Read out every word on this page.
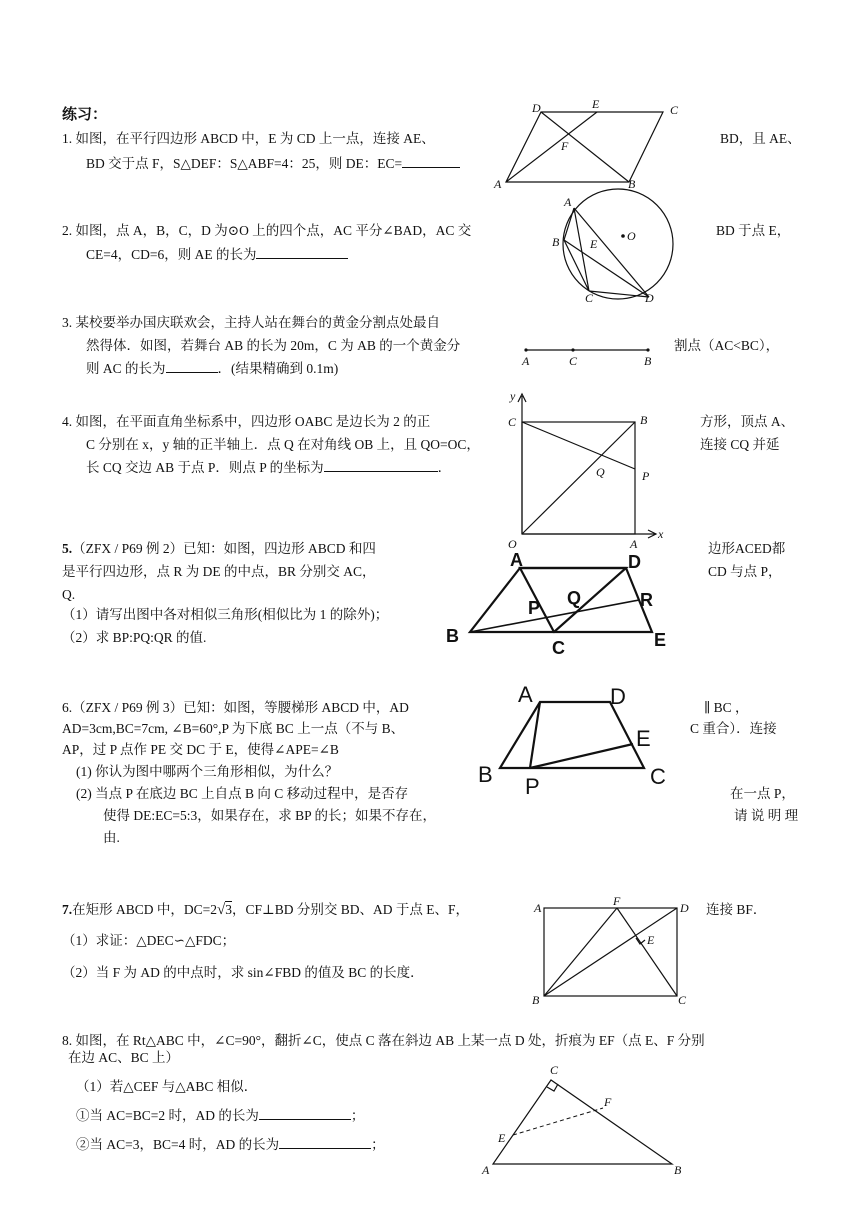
练习：
1. 如图，在平行四边形 ABCD 中，E 为 CD 上一点，连接 AE、	BD，且 AE、
BD 交于点 F，S△DEF：S△ABF=4：25，则 DE：EC=
D	E	C
F
A	B
2. 如图，点 A，B，C，D 为⊙O 上的四个点，AC 平分∠BAD，AC 交	BD 于点 E，
CE=4，CD=6，则 AE 的长为
A
B	E
O
C	D
3. 某校要举办国庆联欢会，主持人站在舞台的黄金分割点处最自
然得体．如图，若舞台 AB 的长为 20m，C 为 AB 的一个黄金分	割点（AC<BC），
则 AC 的长为	．(结果精确到 0.1m)	A	C	B
4. 如图，在平面直角坐标系中，四边形 OABC 是边长为 2 的正	方形，顶点 A、
C 分别在 x，y 轴的正半轴上．点 Q 在对角线 OB 上，且 QO=OC，	连接 CQ 并延
长 CQ 交边 AB 于点 P．则点 P 的坐标为	．
y
C	B
Q	P
O	A
x
5.（ZFX / P69 例 2）已知：如图，四边形 ABCD 和四	边形ACED都
是平行四边形，点 R 为 DE 的中点，BR 分别交 AC，	CD 与点 P，
Q.
（1）请写出图中各对相似三角形(相似比为 1 的除外)；
（2）求 BP:PQ:QR 的值.
A	D
P Q	R
B
C	E
6.（ZFX / P69 例 3）已知：如图，等腰梯形 ABCD 中，AD	∥ BC ，
AD=3cm,BC=7cm, ∠B=60°,P 为下底 BC 上一点（不与 B、	C 重合）．连接
AP，过 P 点作 PE 交 DC 于 E，使得∠APE=∠B
(1) 你认为图中哪两个三角形相似，为什么？
(2) 当点 P 在底边 BC 上自点 B 向 C 移动过程中，是否存	在一点 P，
使得 DE:EC=5:3，如果存在，求 BP 的长；如果不存在，	请 说 明 理
由.
A	D
E
B P	C
7.在矩形 ABCD 中，DC=2√3，CF⊥BD 分别交 BD、AD 于点 E、F，	连接 BF．
（1）求证：△DEC∽△FDC；
（2）当 F 为 AD 的中点时，求 sin∠FBD 的值及 BC 的长度．
A	F	D
E
B	C
8. 如图，在 Rt△ABC 中，∠C=90°，翻折∠C，使点 C 落在斜边 AB 上某一点 D 处，折痕为 EF（点 E、F 分别
在边 AC、BC 上）
（1）若△CEF 与△ABC 相似．
①当 AC=BC=2 时，AD 的长为	；
②当 AC=3，BC=4 时，AD 的长为	；
C
F
E
A	B
